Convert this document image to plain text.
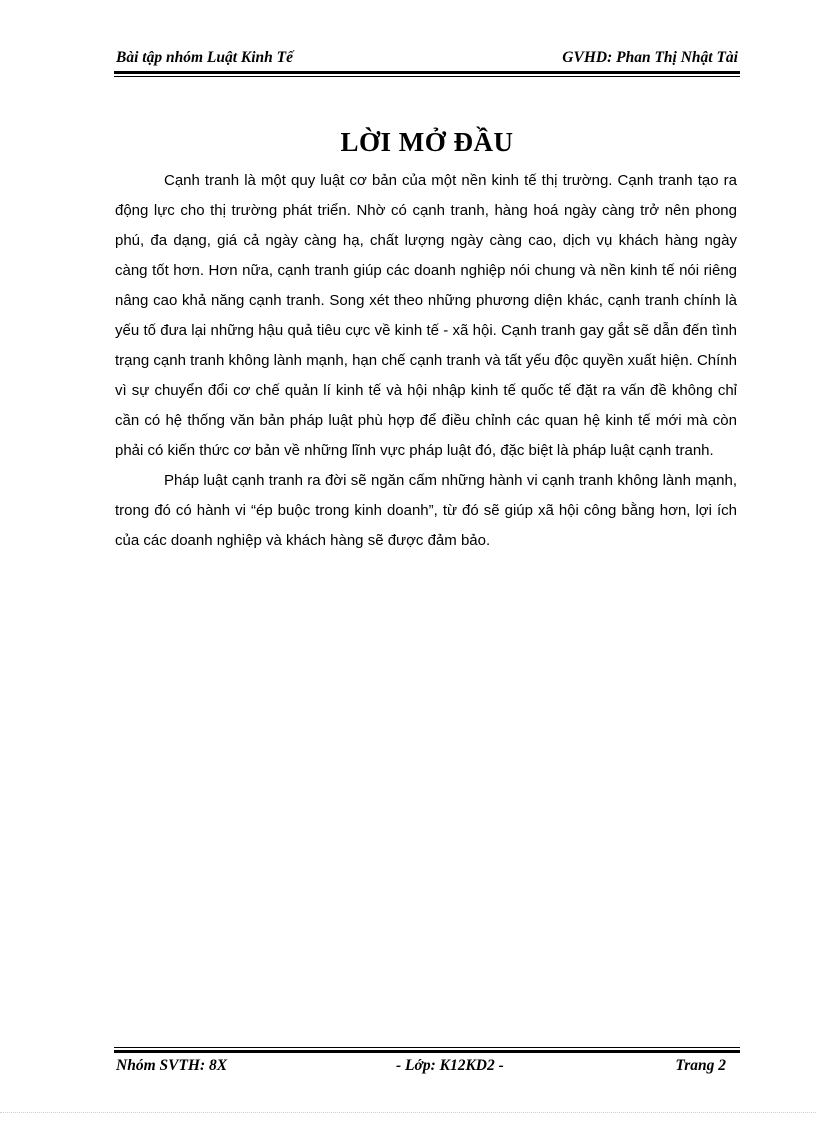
Bài tập nhóm Luật Kinh Tế	GVHD: Phan Thị Nhật Tài
LỜI MỞ ĐẦU

Cạnh tranh là một quy luật cơ bản của một nền kinh tế thị trường. Cạnh tranh tạo ra động lực cho thị trường phát triển. Nhờ có cạnh tranh, hàng hoá ngày càng trở nên phong phú, đa dạng, giá cả ngày càng hạ, chất lượng ngày càng cao, dịch vụ khách hàng ngày càng tốt hơn. Hơn nữa, cạnh tranh giúp các doanh nghiệp nói chung và nền kinh tế nói riêng nâng cao khả năng cạnh tranh. Song xét theo những phương diện khác, cạnh tranh chính là yếu tố đưa lại những hậu quả tiêu cực về kinh tế - xã hội. Cạnh tranh gay gắt sẽ dẫn đến tình trạng cạnh tranh không lành mạnh, hạn chế cạnh tranh và tất yếu độc quyền xuất hiện. Chính vì sự chuyển đổi cơ chế quản lí kinh tế và hội nhập kinh tế quốc tế đặt ra vấn đề không chỉ cần có hệ thống văn bản pháp luật phù hợp để điều chỉnh các quan hệ kinh tế mới mà còn phải có kiến thức cơ bản về những lĩnh vực pháp luật đó, đặc biệt là pháp luật cạnh tranh.

Pháp luật cạnh tranh ra đời sẽ ngăn cấm những hành vi cạnh tranh không lành mạnh, trong đó có hành vi “ép buộc trong kinh doanh”, từ đó sẽ giúp xã hội công bằng hơn, lợi ích của các doanh nghiệp và khách hàng sẽ được đảm bảo.

Nhóm SVTH: 8X	- Lớp: K12KD2 -	Trang 2
